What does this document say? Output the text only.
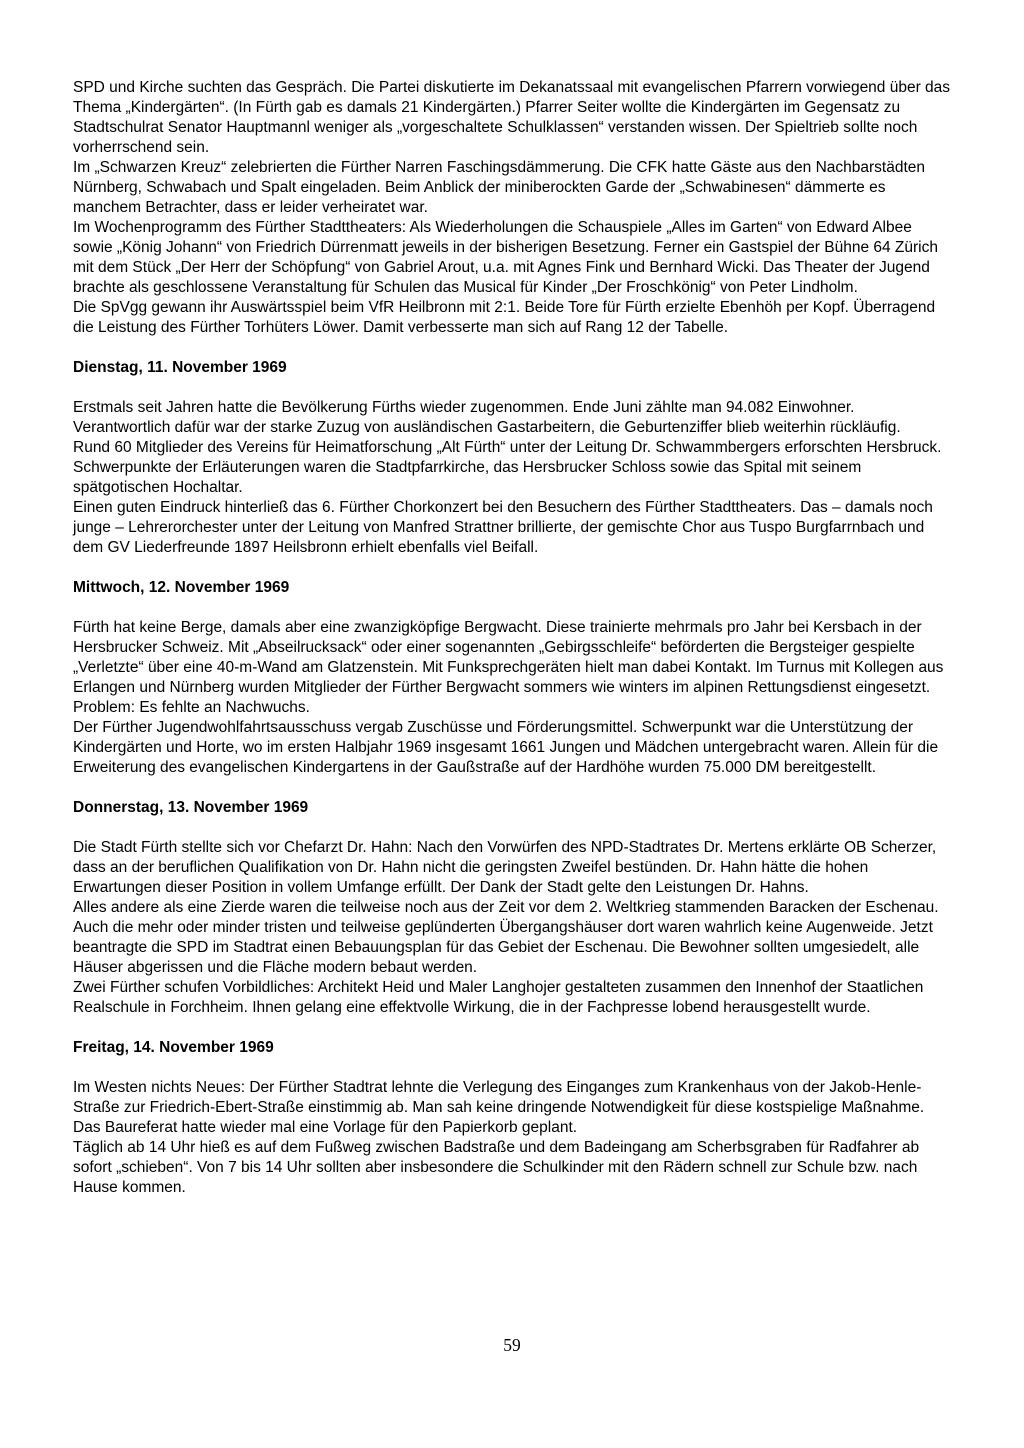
SPD und Kirche suchten das Gespräch. Die Partei diskutierte im Dekanatssaal mit evangelischen Pfarrern vorwiegend über das Thema „Kindergärten“. (In Fürth gab es damals 21 Kindergärten.) Pfarrer Seiter wollte die Kindergärten im Gegensatz zu Stadtschulrat Senator Hauptmannl weniger als „vorgeschaltete Schulklassen“ verstanden wissen. Der Spieltrieb sollte noch vorherrschend sein.

Im „Schwarzen Kreuz“ zelebrierten die Fürther Narren Faschingsdämmerung. Die CFK hatte Gäste aus den Nachbarstädten Nürnberg, Schwabach und Spalt eingeladen. Beim Anblick der miniberockten Garde der „Schwabinesen“ dämmerte es manchem Betrachter, dass er leider verheiratet war.

Im Wochenprogramm des Fürther Stadttheaters: Als Wiederholungen die Schauspiele „Alles im Garten“ von Edward Albee sowie „König Johann“ von Friedrich Dürrenmatt jeweils in der bisherigen Besetzung. Ferner ein Gastspiel der Bühne 64 Zürich mit dem Stück „Der Herr der Schöpfung“ von Gabriel Arout, u.a. mit Agnes Fink und Bernhard Wicki. Das Theater der Jugend brachte als geschlossene Veranstaltung für Schulen das Musical für Kinder „Der Froschkönig“ von Peter Lindholm.

Die SpVgg gewann ihr Auswärtsspiel beim VfR Heilbronn mit 2:1. Beide Tore für Fürth erzielte Ebenhöh per Kopf. Überragend die Leistung des Fürther Torhüters Löwer. Damit verbesserte man sich auf Rang 12 der Tabelle.

Dienstag, 11. November 1969

Erstmals seit Jahren hatte die Bevölkerung Fürths wieder zugenommen. Ende Juni zählte man 94.082 Einwohner. Verantwortlich dafür war der starke Zuzug von ausländischen Gastarbeitern, die Geburtenziffer blieb weiterhin rückläufig.

Rund 60 Mitglieder des Vereins für Heimatforschung „Alt Fürth“ unter der Leitung Dr. Schwammbergers erforschten Hersbruck. Schwerpunkte der Erläuterungen waren die Stadtpfarrkirche, das Hersbrucker Schloss sowie das Spital mit seinem spätgotischen Hochaltar.

Einen guten Eindruck hinterließ das 6. Fürther Chorkonzert bei den Besuchern des Fürther Stadttheaters. Das – damals noch junge – Lehrerorchester unter der Leitung von Manfred Strattner brillierte, der gemischte Chor aus Tuspo Burgfarrnbach und dem GV Liederfreunde 1897 Heilsbronn erhielt ebenfalls viel Beifall.

Mittwoch, 12. November 1969

Fürth hat keine Berge, damals aber eine zwanzigköpfige Bergwacht. Diese trainierte mehrmals pro Jahr bei Kersbach in der Hersbrucker Schweiz. Mit „Abseilrucksack“ oder einer sogenannten „Gebirgsschleife“ beförderten die Bergsteiger gespielte „Verletzte“ über eine 40-m-Wand am Glatzenstein. Mit Funksprechgeräten hielt man dabei Kontakt. Im Turnus mit Kollegen aus Erlangen und Nürnberg wurden Mitglieder der Fürther Bergwacht sommers wie winters im alpinen Rettungsdienst eingesetzt. Problem: Es fehlte an Nachwuchs.

Der Fürther Jugendwohlfahrtsausschuss vergab Zuschüsse und Förderungsmittel. Schwerpunkt war die Unterstützung der Kindergärten und Horte, wo im ersten Halbjahr 1969 insgesamt 1661 Jungen und Mädchen untergebracht waren. Allein für die Erweiterung des evangelischen Kindergartens in der Gaußstraße auf der Hardhöhe wurden 75.000 DM bereitgestellt.

Donnerstag, 13. November 1969

Die Stadt Fürth stellte sich vor Chefarzt Dr. Hahn: Nach den Vorwürfen des NPD-Stadtrates Dr. Mertens erklärte OB Scherzer, dass an der beruflichen Qualifikation von Dr. Hahn nicht die geringsten Zweifel bestünden. Dr. Hahn hätte die hohen Erwartungen dieser Position in vollem Umfange erfüllt. Der Dank der Stadt gelte den Leistungen Dr. Hahns.

Alles andere als eine Zierde waren die teilweise noch aus der Zeit vor dem 2. Weltkrieg stammenden Baracken der Eschenau. Auch die mehr oder minder tristen und teilweise geplünderten Übergangshäuser dort waren wahrlich keine Augenweide. Jetzt beantragte die SPD im Stadtrat einen Bebauungsplan für das Gebiet der Eschenau. Die Bewohner sollten umgesiedelt, alle Häuser abgerissen und die Fläche modern bebaut werden.

Zwei Fürther schufen Vorbildliches: Architekt Heid und Maler Langhojer gestalteten zusammen den Innenhof der Staatlichen Realschule in Forchheim. Ihnen gelang eine effektvolle Wirkung, die in der Fachpresse lobend herausgestellt wurde.

Freitag, 14. November 1969

Im Westen nichts Neues: Der Fürther Stadtrat lehnte die Verlegung des Einganges zum Krankenhaus von der Jakob-Henle-Straße zur Friedrich-Ebert-Straße einstimmig ab. Man sah keine dringende Notwendigkeit für diese kostspielige Maßnahme. Das Baureferat hatte wieder mal eine Vorlage für den Papierkorb geplant.

Täglich ab 14 Uhr hieß es auf dem Fußweg zwischen Badstraße und dem Badeingang am Scherbsgraben für Radfahrer ab sofort „schieben“. Von 7 bis 14 Uhr sollten aber insbesondere die Schulkinder mit den Rädern schnell zur Schule bzw. nach Hause kommen.

59
